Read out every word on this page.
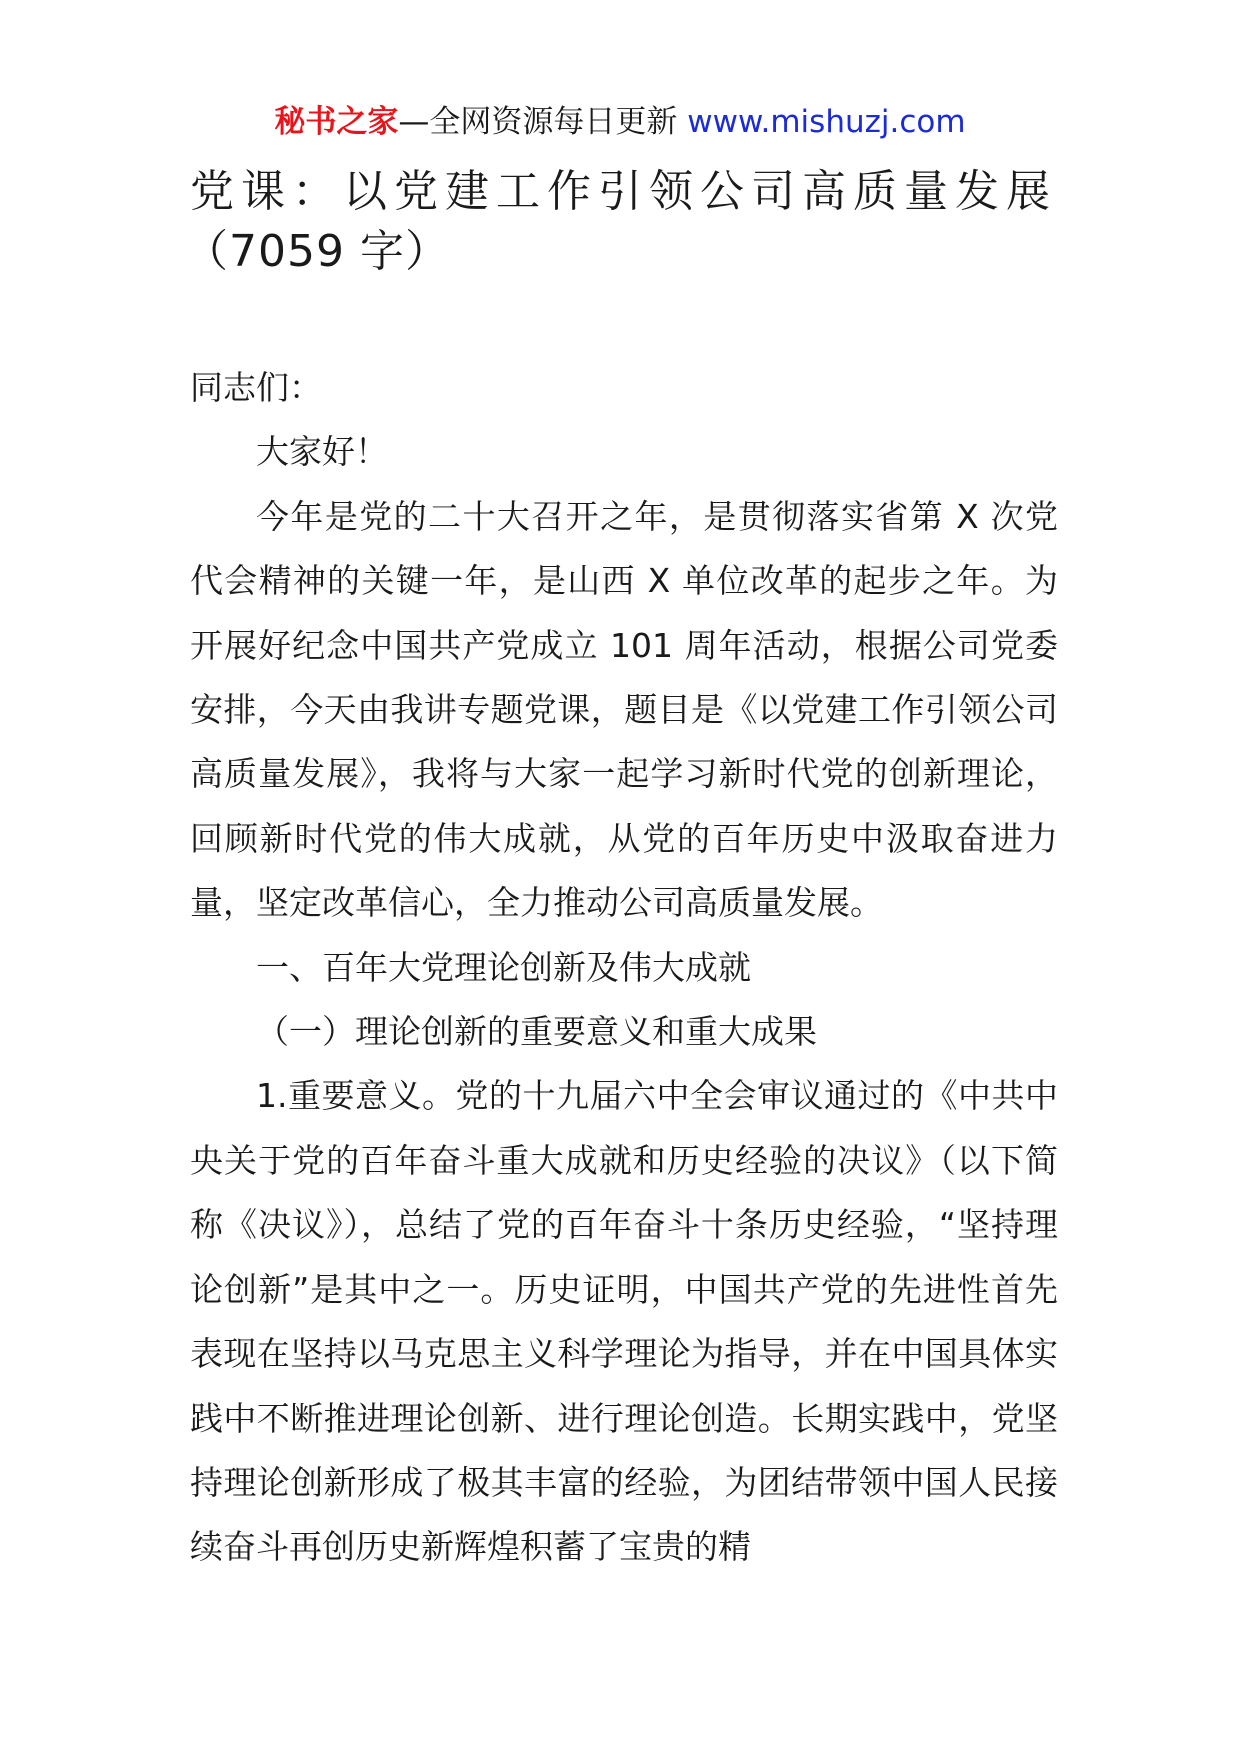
秘书之家—全网资源每日更新 www.mishuzj.com
党课：以党建工作引领公司高质量发展
（7059 字）

同志们：

大家好！

今年是党的二十大召开之年，是贯彻落实省第 X 次党代会精神的关键一年，是山西 X 单位改革的起步之年。为开展好纪念中国共产党成立 101 周年活动，根据公司党委安排，今天由我讲专题党课，题目是《以党建工作引领公司高质量发展》，我将与大家一起学习新时代党的创新理论，回顾新时代党的伟大成就，从党的百年历史中汲取奋进力量，坚定改革信心，全力推动公司高质量发展。

一、百年大党理论创新及伟大成就

（一）理论创新的重要意义和重大成果

1.重要意义。党的十九届六中全会审议通过的《中共中央关于党的百年奋斗重大成就和历史经验的决议》（以下简称《决议》），总结了党的百年奋斗十条历史经验，“坚持理论创新”是其中之一。历史证明，中国共产党的先进性首先表现在坚持以马克思主义科学理论为指导，并在中国具体实践中不断推进理论创新、进行理论创造。长期实践中，党坚持理论创新形成了极其丰富的经验，为团结带领中国人民接续奋斗再创历史新辉煌积蓄了宝贵的精
